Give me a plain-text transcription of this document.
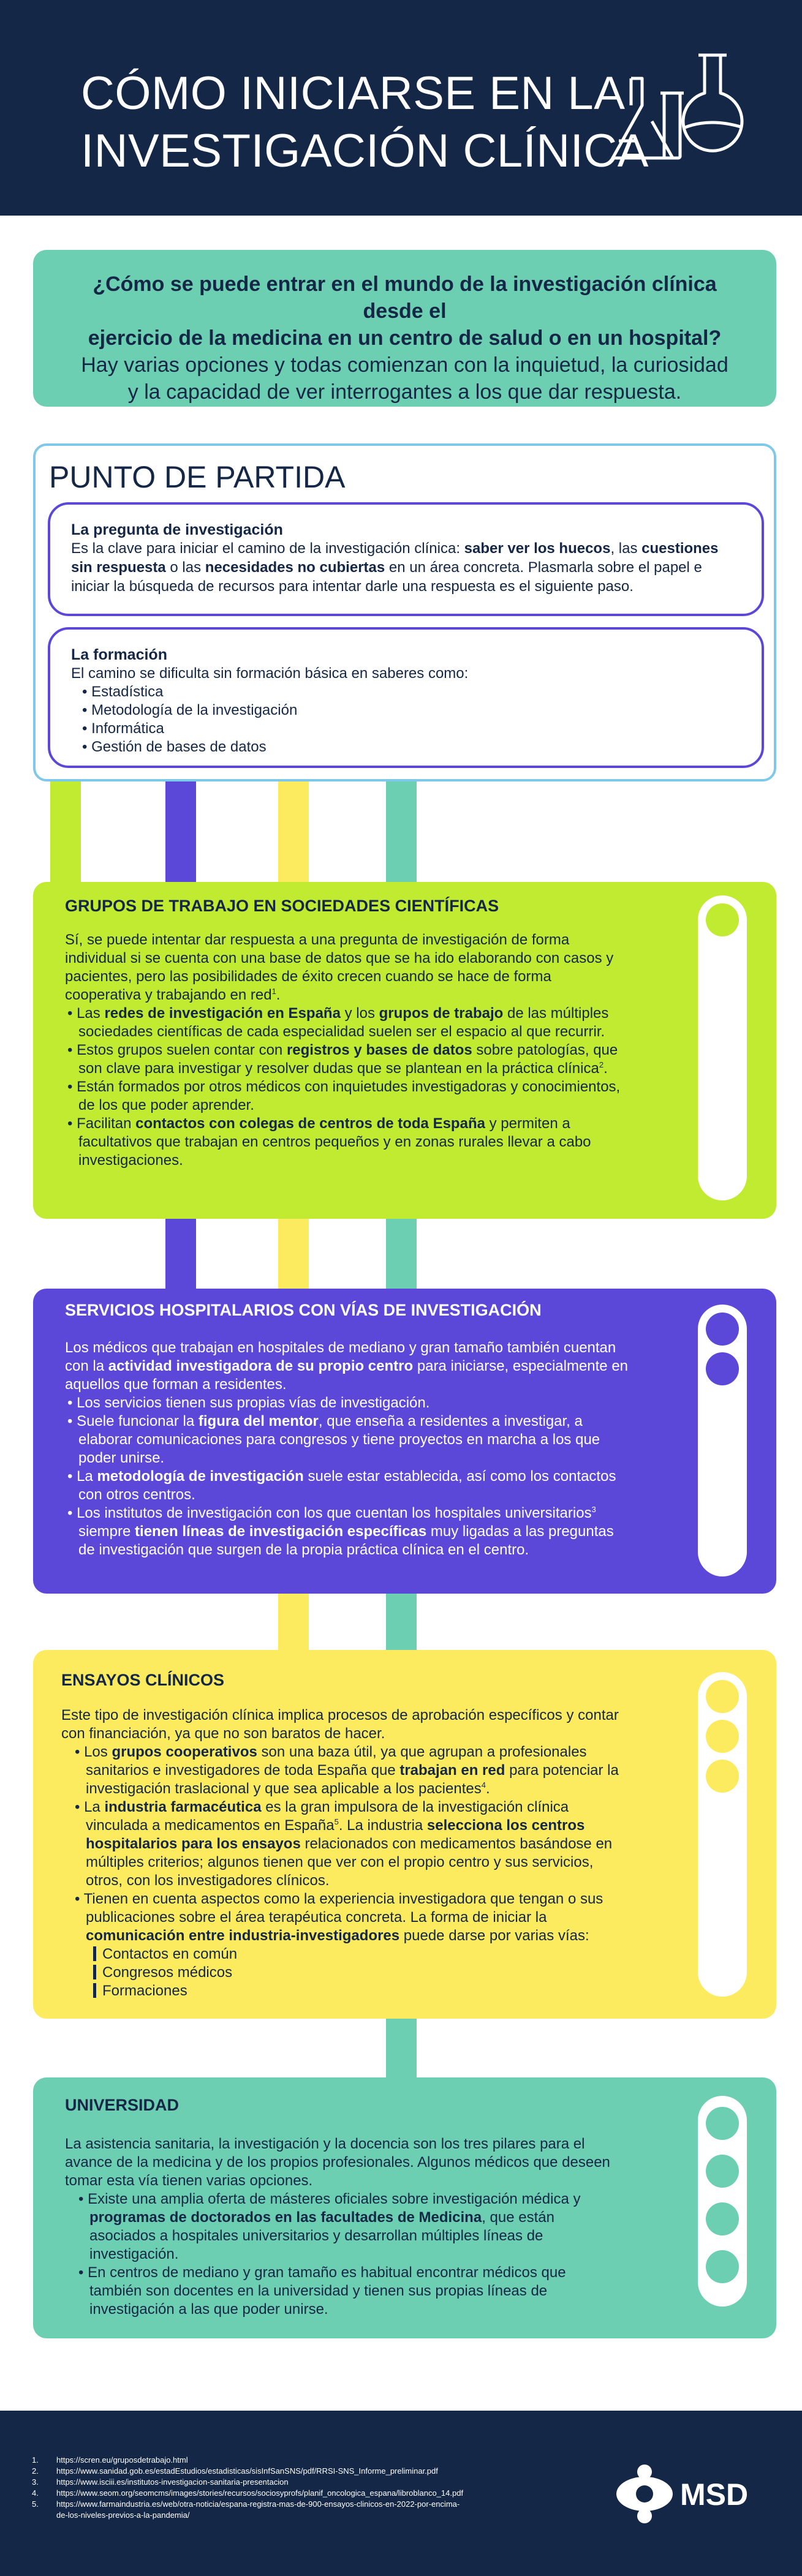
CÓMO INICIARSE EN LA
INVESTIGACIÓN CLÍNICA
¿Cómo se puede entrar en el mundo de la investigación clínica desde el
ejercicio de la medicina en un centro de salud o en un hospital?
Hay varias opciones y todas comienzan con la inquietud, la curiosidad
y la capacidad de ver interrogantes a los que dar respuesta.
PUNTO DE PARTIDA
La pregunta de investigación

Es la clave para iniciar el camino de la investigación clínica: saber ver los huecos, las cuestiones sin respuesta o las necesidades no cubiertas en un área concreta. Plasmarla sobre el papel e iniciar la búsqueda de recursos para intentar darle una respuesta es el siguiente paso.

La formación

El camino se dificulta sin formación básica en saberes como:

• Estadística
• Metodología de la investigación
• Informática
• Gestión de bases de datos
GRUPOS DE TRABAJO EN SOCIEDADES CIENTÍFICAS

Sí, se puede intentar dar respuesta a una pregunta de investigación de forma individual si se cuenta con una base de datos que se ha ido elaborando con casos y pacientes, pero las posibilidades de éxito crecen cuando se hace de forma cooperativa y trabajando en red$^1$.

• Las redes de investigación en España y los grupos de trabajo de las múltiples sociedades científicas de cada especialidad suelen ser el espacio al que recurrir.
• Estos grupos suelen contar con registros y bases de datos sobre patologías, que son clave para investigar y resolver dudas que se plantean en la práctica clínica$^2$.
• Están formados por otros médicos con inquietudes investigadoras y conocimientos, de los que poder aprender.
• Facilitan contactos con colegas de centros de toda España y permiten a facultativos que trabajan en centros pequeños y en zonas rurales llevar a cabo investigaciones.
SERVICIOS HOSPITALARIOS CON VÍAS DE INVESTIGACIÓN

Los médicos que trabajan en hospitales de mediano y gran tamaño también cuentan con la actividad investigadora de su propio centro para iniciarse, especialmente en aquellos que forman a residentes.

• Los servicios tienen sus propias vías de investigación.
• Suele funcionar la figura del mentor, que enseña a residentes a investigar, a elaborar comunicaciones para congresos y tiene proyectos en marcha a los que poder unirse.
• La metodología de investigación suele estar establecida, así como los contactos con otros centros.
• Los institutos de investigación con los que cuentan los hospitales universitarios$^3$ siempre tienen líneas de investigación específicas muy ligadas a las preguntas de investigación que surgen de la propia práctica clínica en el centro.
ENSAYOS CLÍNICOS

Este tipo de investigación clínica implica procesos de aprobación específicos y contar con financiación, ya que no son baratos de hacer.

• Los grupos cooperativos son una baza útil, ya que agrupan a profesionales sanitarios e investigadores de toda España que trabajan en red para potenciar la investigación traslacional y que sea aplicable a los pacientes$^4$.
• La industria farmacéutica es la gran impulsora de la investigación clínica vinculada a medicamentos en España$^5$. La industria selecciona los centros hospitalarios para los ensayos relacionados con medicamentos basándose en múltiples criterios; algunos tienen que ver con el propio centro y sus servicios, otros, con los investigadores clínicos.
• Tienen en cuenta aspectos como la experiencia investigadora que tengan o sus publicaciones sobre el área terapéutica concreta. La forma de iniciar la comunicación entre industria-investigadores puede darse por varias vías:
Contactos en común
Congresos médicos
Formaciones
UNIVERSIDAD

La asistencia sanitaria, la investigación y la docencia son los tres pilares para el avance de la medicina y de los propios profesionales. Algunos médicos que deseen tomar esta vía tienen varias opciones.

• Existe una amplia oferta de másteres oficiales sobre investigación médica y programas de doctorados en las facultades de Medicina, que están asociados a hospitales universitarios y desarrollan múltiples líneas de investigación.
• En centros de mediano y gran tamaño es habitual encontrar médicos que también son docentes en la universidad y tienen sus propias líneas de investigación a las que poder unirse.
1. https://scren.eu/gruposdetrabajo.html
2. https://www.sanidad.gob.es/estadEstudios/estadisticas/sisInfSanSNS/pdf/RRSI-SNS_Informe_preliminar.pdf
3. https://www.isciii.es/institutos-investigacion-sanitaria-presentacion
4. https://www.seom.org/seomcms/images/stories/recursos/sociosyprofs/planif_oncologica_espana/libroblanco_14.pdf
5. https://www.farmaindustria.es/web/otra-noticia/espana-registra-mas-de-900-ensayos-clinicos-en-2022-por-encima-
de-los-niveles-previos-a-la-pandemia/
MSD
